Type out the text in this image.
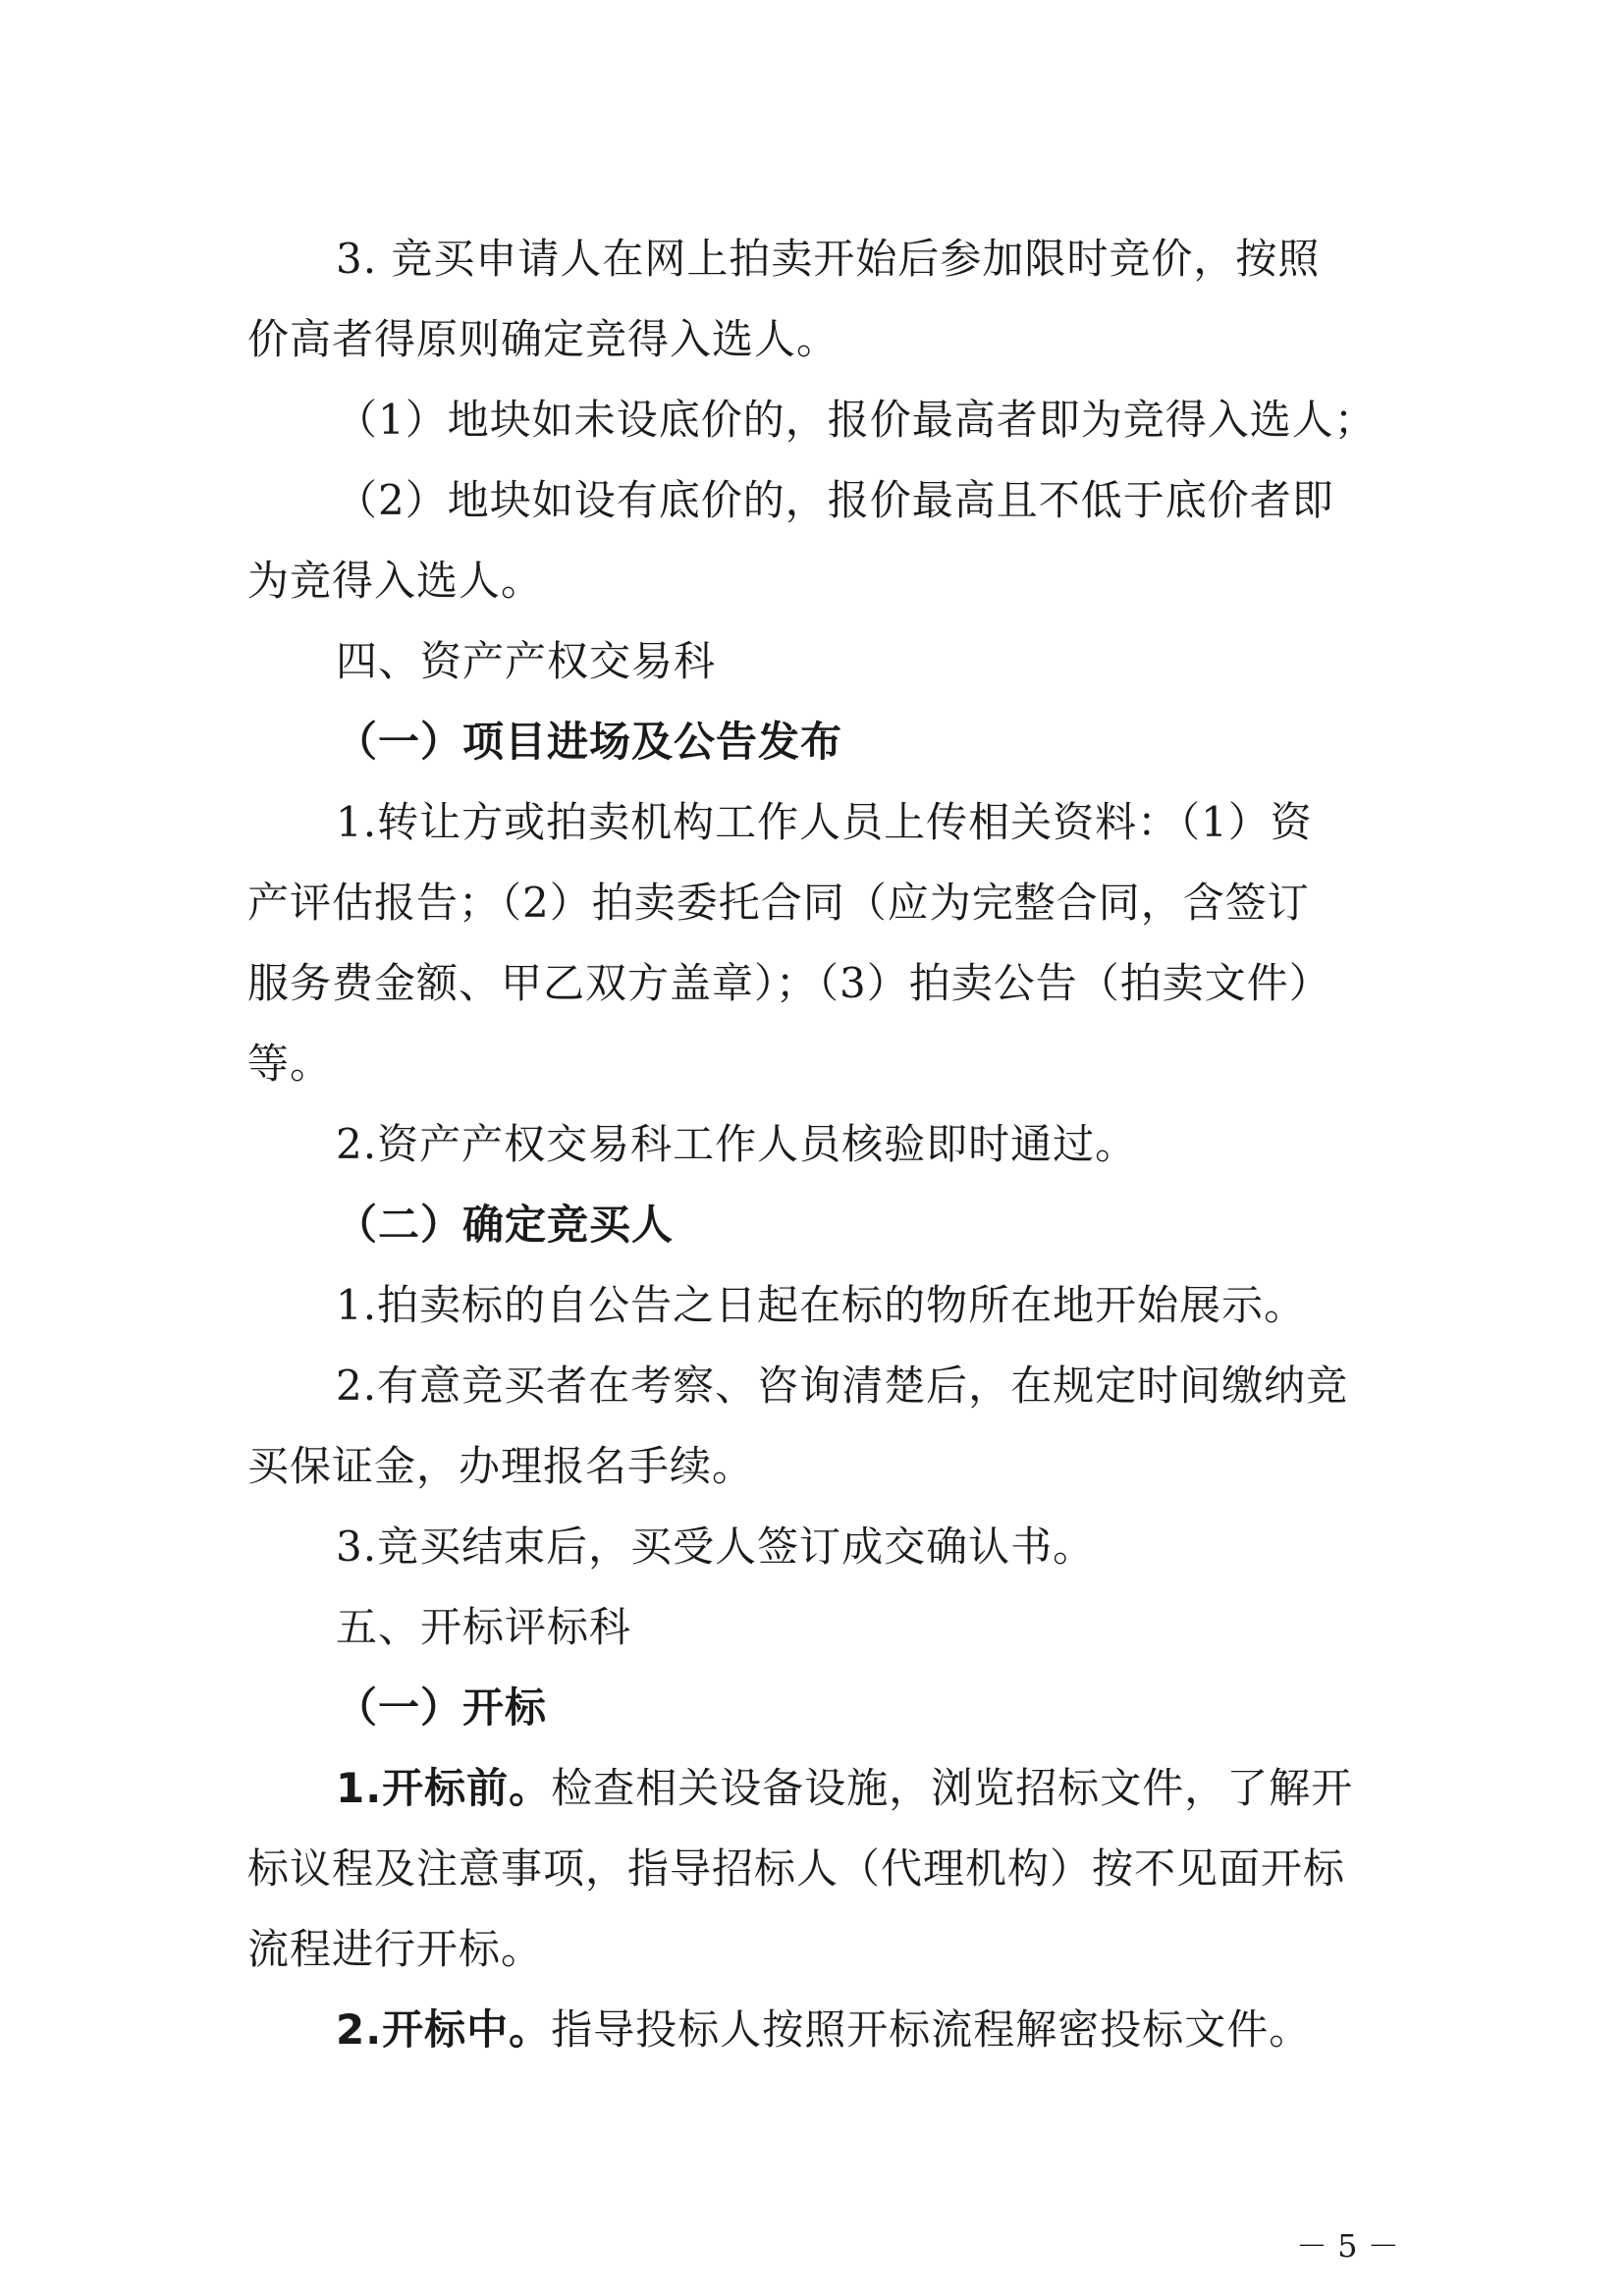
3. 竞买申请人在网上拍卖开始后参加限时竞价，按照
价高者得原则确定竞得入选人。
（1）地块如未设底价的，报价最高者即为竞得入选人；
（2）地块如设有底价的，报价最高且不低于底价者即
为竞得入选人。
四、资产产权交易科
（一）项目进场及公告发布
1.转让方或拍卖机构工作人员上传相关资料：（1）资
产评估报告；（2）拍卖委托合同（应为完整合同，含签订
服务费金额、甲乙双方盖章）；（3）拍卖公告（拍卖文件）
等。
2.资产产权交易科工作人员核验即时通过。
（二）确定竞买人
1.拍卖标的自公告之日起在标的物所在地开始展示。
2.有意竞买者在考察、咨询清楚后，在规定时间缴纳竞
买保证金，办理报名手续。
3.竞买结束后，买受人签订成交确认书。
五、开标评标科
（一）开标
1.开标前。检查相关设备设施，浏览招标文件，了解开
标议程及注意事项，指导招标人（代理机构）按不见面开标
流程进行开标。
2.开标中。指导投标人按照开标流程解密投标文件。
－ 5 －
